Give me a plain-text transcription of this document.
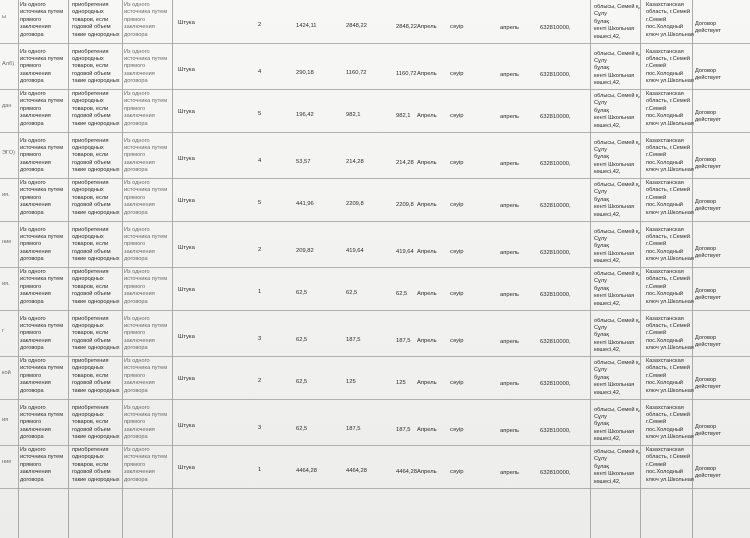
ы
Из одного
источника путем
прямого
заключения
договора
приобретения
однородных
товаров, если
годовой объем
такие однородных
Из одного
источника путем
прямого
заключения
договора
Штука	2	1424,11	2848,22	2848,22 Апрель	сәуір	апрель	632810000,
облысы, Семей қ, Сұлу
бұлақ
кенті Школьная
көшесі,42,
Казахстанская
область, г.Семей
г.Семей
пос.Холодный
ключ ул.Школьная
Договор
действует
Алб)
Из одного
источника путем
прямого
заключения
договора
приобретения
однородных
товаров, если
годовой объем
такие однородных
Из одного
источника путем
прямого
заключения
договора
Штука	4	290,18	1160,72	1160,72 Апрель	сәуір	апрель	632810000,
облысы, Семей қ, Сұлу
бұлақ
кенті Школьная
көшесі,42,
Казахстанская
область, г.Семей
г.Семей
пос.Холодный
ключ ул.Школьная
Договор
действует
дан
Из одного
источника путем
прямого
заключения
договора
приобретения
однородных
товаров, если
годовой объем
такие однородных
Из одного
источника путем
прямого
заключения
договора
Штука	5	196,42	982,1	982,1	Апрель	сәуір	апрель	632810000,
облысы, Семей қ, Сұлу
бұлақ
кенті Школьная
көшесі,42,
Казахстанская
область, г.Семей
г.Семей
пос.Холодный
ключ ул.Школьная
Договор
действует
ЭГО)
Из одного
источника путем
прямого
заключения
договора
приобретения
однородных
товаров, если
годовой объем
такие однородных
Из одного
источника путем
прямого
заключения
договора
Штука	4	53,57	214,28	214,28 Апрель	сәуір	апрель	632810000,
облысы, Семей қ, Сұлу
бұлақ
кенті Школьная
көшесі,42,
Казахстанская
область, г.Семей
г.Семей
пос.Холодный
ключ ул.Школьная
Договор
действует
ия.
Из одного
источника путем
прямого
заключения
договора
приобретения
однородных
товаров, если
годовой объем
такие однородных
Из одного
источника путем
прямого
заключения
договора
Штука	5	441,96	2209,8	2209,8 Апрель	сәуір	апрель	632810000,
облысы, Семей қ, Сұлу
бұлақ
кенті Школьная
көшесі,42,
Казахстанская
область, г.Семей
г.Семей
пос.Холодный
ключ ул.Школьная
Договор
действует
ние
Из одного
источника путем
прямого
заключения
договора
приобретения
однородных
товаров, если
годовой объем
такие однородных
Из одного
источника путем
прямого
заключения
договора
Штука	2	209,82	419,64	419,64 Апрель	сәуір	апрель	632810000,
облысы, Семей қ, Сұлу
бұлақ
кенті Школьная
көшесі,42,
Казахстанская
область, г.Семей
г.Семей
пос.Холодный
ключ ул.Школьная
Договор
действует
ия.
Из одного
источника путем
прямого
заключения
договора
приобретения
однородных
товаров, если
годовой объем
такие однородных
Из одного
источника путем
прямого
заключения
договора
Штука	1	62,5	62,5	62,5	Апрель	сәуір	апрель	632810000,
облысы, Семей қ, Сұлу
бұлақ
кенті Школьная
көшесі,42,
Казахстанская
область, г.Семей
г.Семей
пос.Холодный
ключ ул.Школьная
Договор
действует
г`
Из одного
источника путем
прямого
заключения
договора
приобретения
однородных
товаров, если
годовой объем
такие однородных
Из одного
источника путем
прямого
заключения
договора
Штука	3	62,5	187,5	187,5	Апрель	сәуір	апрель	632810000,
облысы, Семей қ, Сұлу
бұлақ
кенті Школьная
көшесі,42,
Казахстанская
область, г.Семей
г.Семей
пос.Холодный
ключ ул.Школьная
Договор
действует
кой
Из одного
источника путем
прямого
заключения
договора
приобретения
однородных
товаров, если
годовой объем
такие однородных
Из одного
источника путем
прямого
заключения
договора
Штука	2	62,5	125	125	Апрель	сәуір	апрель	632810000,
облысы, Семей қ, Сұлу
бұлақ
кенті Школьная
көшесі,42,
Казахстанская
область, г.Семей
г.Семей
пос.Холодный
ключ ул.Школьная
Договор
действует
ия
Из одного
источника путем
прямого
заключения
договора
приобретения
однородных
товаров, если
годовой объем
такие однородных
Из одного
источника путем
прямого
заключения
договора
Штука	3	62,5	187,5	187,5	Апрель	сәуір	апрель	632810000,
облысы, Семей қ, Сұлу
бұлақ
кенті Школьная
көшесі,42,
Казахстанская
область, г.Семей
г.Семей
пос.Холодный
ключ ул.Школьная
Договор
действует
ние
Из одного
источника путем
прямого
заключения
договора
приобретения
однородных
товаров, если
годовой объем
такие однородных
Из одного
источника путем
прямого
заключения
договора
Штука	1	4464,28	4464,28	4464,28 Апрель	сәуір	апрель	632810000,
облысы, Семей қ, Сұлу
бұлақ
кенті Школьная
көшесі,42,
Казахстанская
область, г.Семей
г.Семей
пос.Холодный
ключ ул.Школьная
Договор
действует
